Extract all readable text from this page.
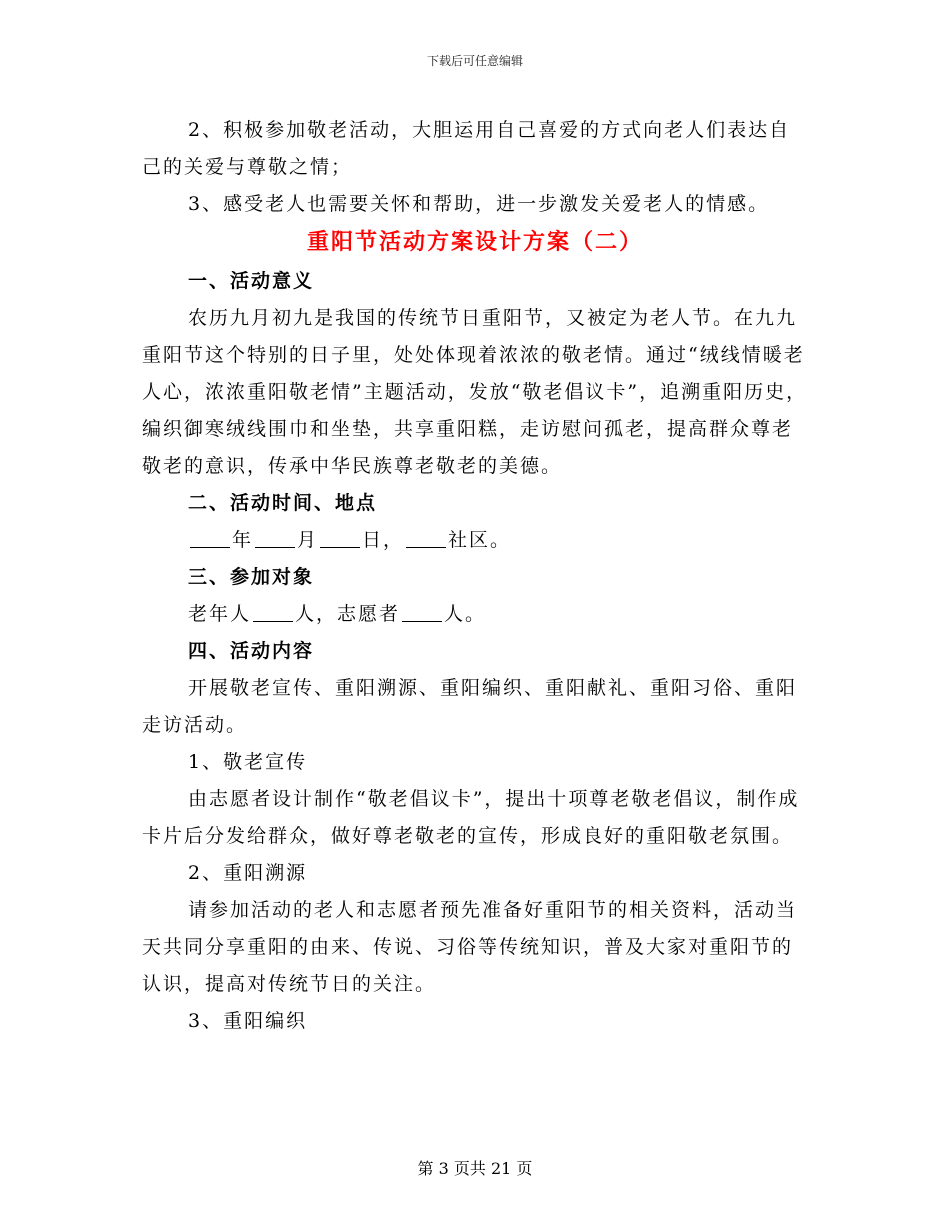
下载后可任意编辑

2、积极参加敬老活动，大胆运用自己喜爱的方式向老人们表达自己的关爱与尊敬之情；

3、感受老人也需要关怀和帮助，进一步激发关爱老人的情感。

重阳节活动方案设计方案（二）

一、活动意义

农历九月初九是我国的传统节日重阳节，又被定为老人节。在九九重阳节这个特别的日子里，处处体现着浓浓的敬老情。通过“绒线情暖老人心，浓浓重阳敬老情”主题活动，发放“敬老倡议卡”，追溯重阳历史，编织御寒绒线围巾和坐垫，共享重阳糕，走访慰问孤老，提高群众尊老敬老的意识，传承中华民族尊老敬老的美德。

二、活动时间、地点

年 月 日， 社区。

三、参加对象

老年人 人，志愿者 人。

四、活动内容

开展敬老宣传、重阳溯源、重阳编织、重阳献礼、重阳习俗、重阳走访活动。

1、敬老宣传

由志愿者设计制作“敬老倡议卡”，提出十项尊老敬老倡议，制作成卡片后分发给群众，做好尊老敬老的宣传，形成良好的重阳敬老氛围。

2、重阳溯源

请参加活动的老人和志愿者预先准备好重阳节的相关资料，活动当天共同分享重阳的由来、传说、习俗等传统知识，普及大家对重阳节的认识，提高对传统节日的关注。

3、重阳编织

第 3 页共 21 页
